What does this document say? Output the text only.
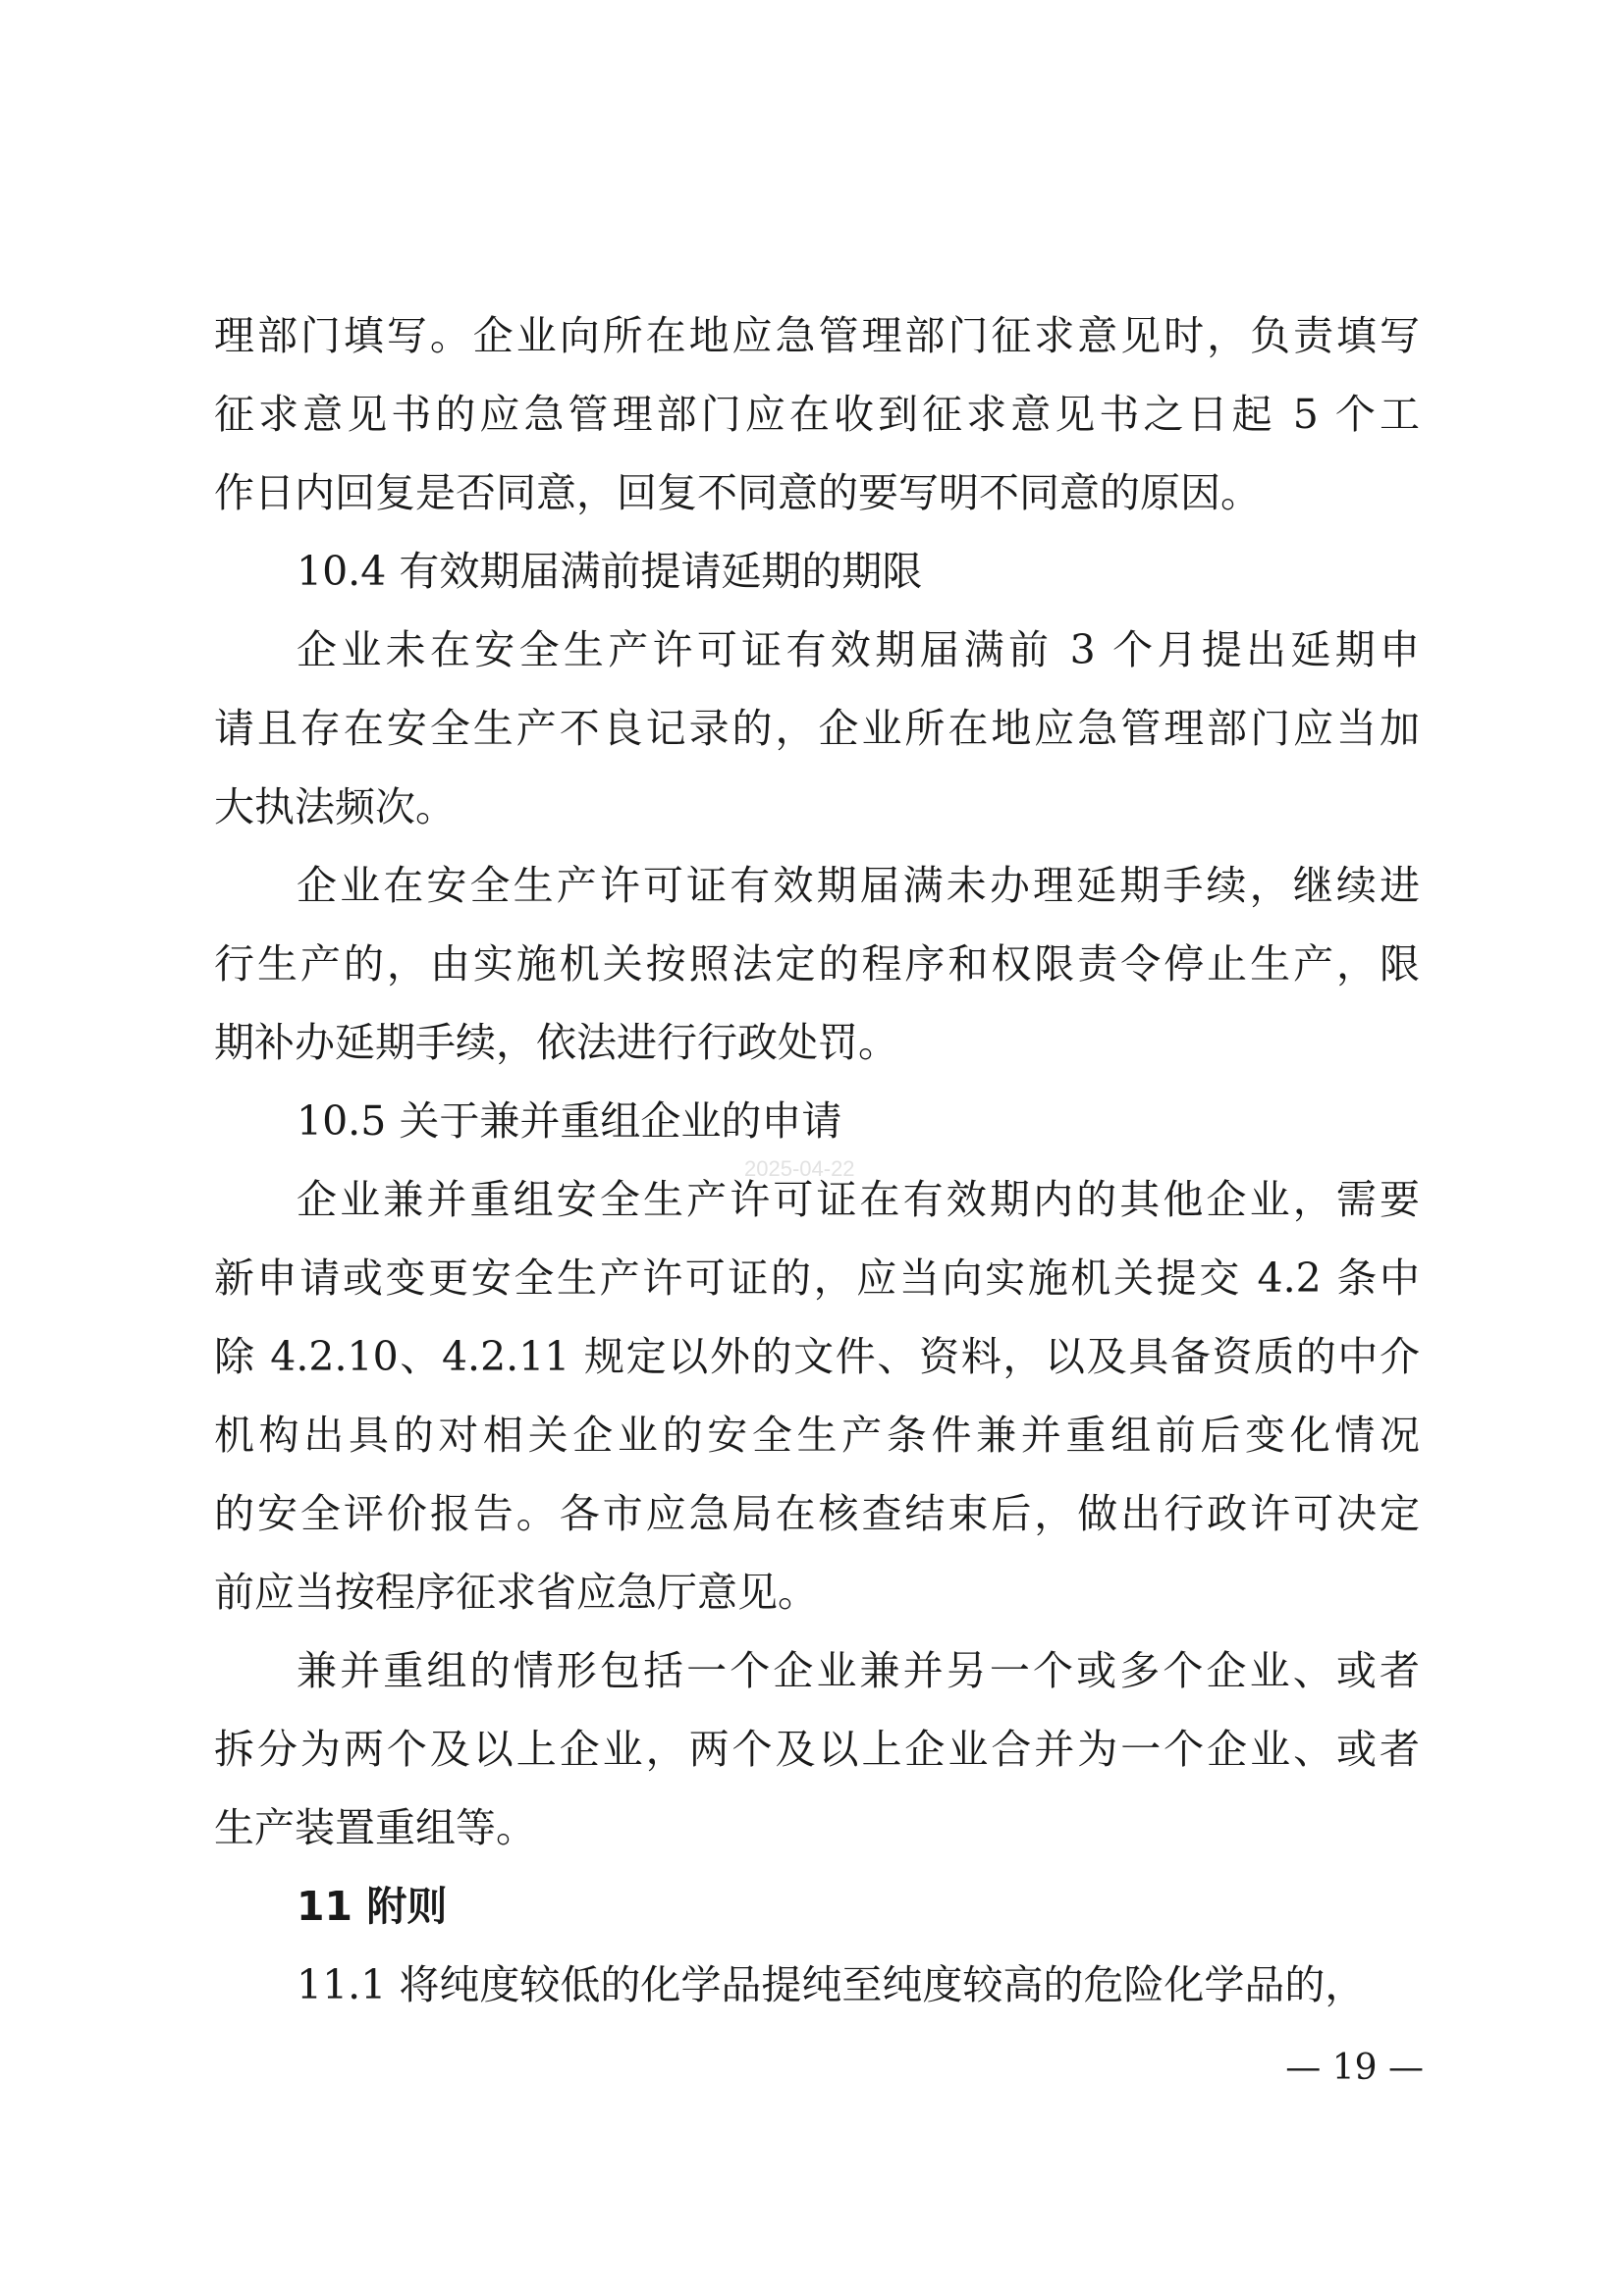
理部门填写。企业向所在地应急管理部门征求意见时，负责填写
征求意见书的应急管理部门应在收到征求意见书之日起 5 个工
作日内回复是否同意，回复不同意的要写明不同意的原因。
10.4 有效期届满前提请延期的期限
企业未在安全生产许可证有效期届满前 3 个月提出延期申
请且存在安全生产不良记录的，企业所在地应急管理部门应当加
大执法频次。
企业在安全生产许可证有效期届满未办理延期手续，继续进
行生产的，由实施机关按照法定的程序和权限责令停止生产，限
期补办延期手续，依法进行行政处罚。
10.5 关于兼并重组企业的申请
企业兼并重组安全生产许可证在有效期内的其他企业，需要
新申请或变更安全生产许可证的，应当向实施机关提交 4.2 条中
除 4.2.10、4.2.11 规定以外的文件、资料，以及具备资质的中介
机构出具的对相关企业的安全生产条件兼并重组前后变化情况
的安全评价报告。各市应急局在核查结束后，做出行政许可决定
前应当按程序征求省应急厅意见。
兼并重组的情形包括一个企业兼并另一个或多个企业、或者
拆分为两个及以上企业，两个及以上企业合并为一个企业、或者
生产装置重组等。
11 附则
11.1 将纯度较低的化学品提纯至纯度较高的危险化学品的，
2025-04-22
— 19 —
